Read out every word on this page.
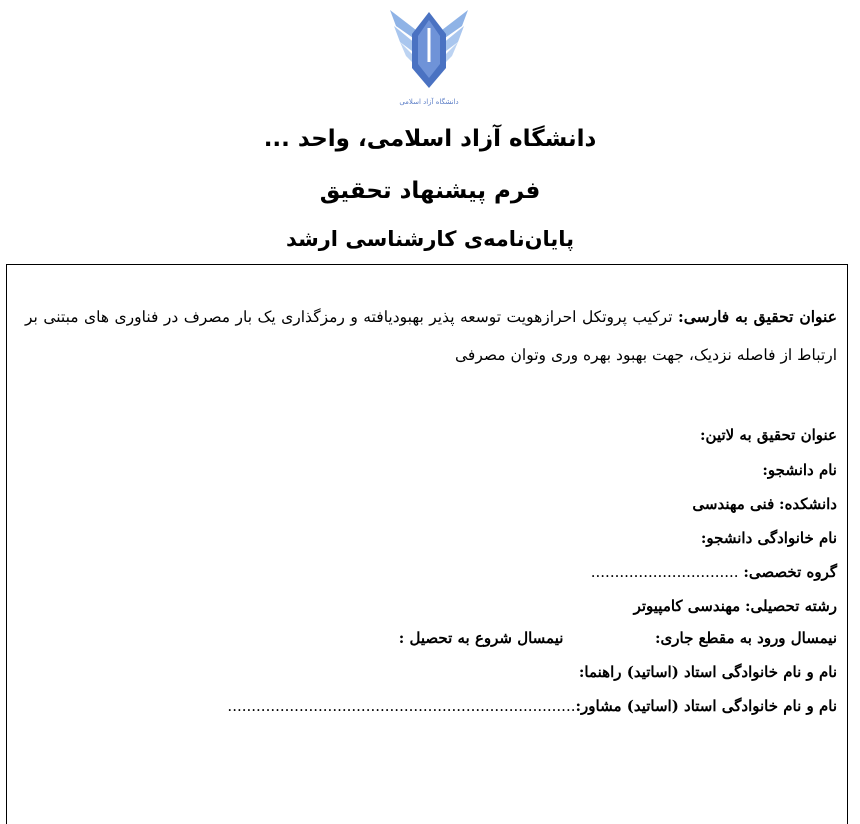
دانشگاه آزاد اسلامی
دانشگاه آزاد اسلامی، واحد ...
فرم پیشنهاد تحقیق
پایان‌نامه‌ی کارشناسی ارشد
عنوان تحقیق به فارسی: ترکیب پروتکل احرازهویت توسعه پذیر بهبودیافته و رمزگذاری یک بار مصرف در فناوری های مبتنی بر ارتباط از فاصله نزدیک، جهت بهبود بهره وری وتوان مصرفی
عنوان تحقیق به لاتین:
نام دانشجو:
دانشکده: فنی مهندسی
نام خانوادگی دانشجو:
گروه تخصصی: ...............................
رشته تحصیلی: مهندسی کامپیوتر
نیمسال ورود به مقطع جاری:  نیمسال شروع به تحصیل :
نام و نام خانوادگی استاد (اساتید) راهنما:
نام و نام خانوادگی استاد (اساتید) مشاور:.........................................................................
